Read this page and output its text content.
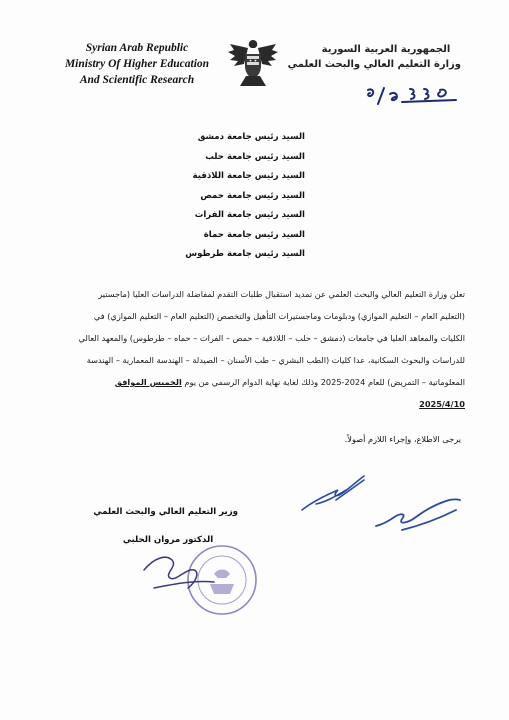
Syrian Arab Republic
Ministry Of Higher Education
And Scientific Research
الجمهورية العربية السورية
وزارة التعليم العالي والبحث العلمي
السيد رئيس جامعة دمشق
السيد رئيس جامعة حلب
السيد رئيس جامعة اللاذقية
السيد رئيس جامعة حمص
السيد رئيس جامعة الفرات
السيد رئيس جامعة حماة
السيد رئيس جامعة طرطوس
تعلن وزارة التعليم العالي والبحث العلمي عن تمديد استقبال طلبات التقدم لمفاضلة الدراسات العليا (ماجستير
(التعليم العام – التعليم الموازي) ودبلومات وماجستيرات التأهيل والتخصص (التعليم العام – التعليم الموازي) في
الكليات والمعاهد العليا في جامعات (دمشق – حلب – اللاذقية – حمص – الفرات – حماه – طرطوس) والمعهد العالي
للدراسات والبحوث السكانية، عدا كليات (الطب البشري – طب الأسنان – الصيدلة – الهندسة المعمارية – الهندسة
المعلوماتية – التمريض) للعام 2024-2025 وذلك لغاية نهاية الدوام الرسمي من يوم الخميس الموافق
2025/4/10
يرجى الاطلاع، وإجراء اللازم أصولاً.
وزير التعليم العالي والبحث العلمي
الدكتور مروان الحلبي
